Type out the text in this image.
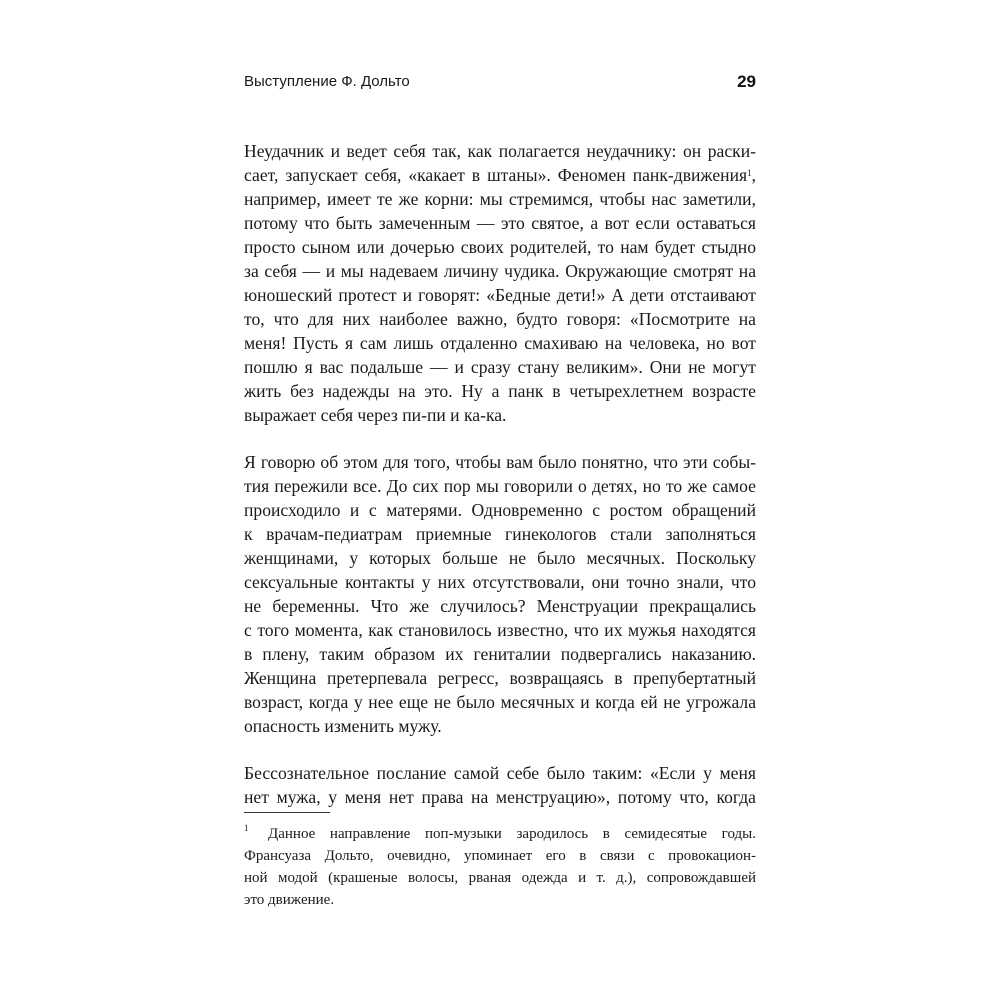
Выступление Ф. Дольто	29
Неудачник и ведет себя так, как полагается неудачнику: он раски-
сает, запускает себя, «какает в штаны». Феномен панк-движения$^1$,
например, имеет те же корни: мы стремимся, чтобы нас заметили,
потому что быть замеченным — это святое, а вот если оставаться
просто сыном или дочерью своих родителей, то нам будет стыдно
за себя — и мы надеваем личину чудика. Окружающие смотрят на
юношеский протест и говорят: «Бедные дети!» А дети отстаивают
то, что для них наиболее важно, будто говоря: «Посмотрите на
меня! Пусть я сам лишь отдаленно смахиваю на человека, но вот
пошлю я вас подальше — и сразу стану великим». Они не могут
жить без надежды на это. Ну а панк в четырехлетнем возрасте
выражает себя через пи-пи и ка-ка.
Я говорю об этом для того, чтобы вам было понятно, что эти собы-
тия пережили все. До сих пор мы говорили о детях, но то же самое
происходило и с матерями. Одновременно с ростом обращений
к врачам-педиатрам приемные гинекологов стали заполняться
женщинами, у которых больше не было месячных. Поскольку
сексуальные контакты у них отсутствовали, они точно знали, что
не беременны. Что же случилось? Менструации прекращались
с того момента, как становилось известно, что их мужья находятся
в плену, таким образом их гениталии подвергались наказанию.
Женщина претерпевала регресс, возвращаясь в препубертатный
возраст, когда у нее еще не было месячных и когда ей не угрожала
опасность изменить мужу.
Бессознательное послание самой себе было таким: «Если у меня
нет мужа, у меня нет права на менструацию», потому что, когда
1	Данное направление поп-музыки зародилось в семидесятые годы.
Франсуаза Дольто, очевидно, упоминает его в связи с провокацион-
ной модой (крашеные волосы, рваная одежда и т. д.), сопровождавшей
это движение.
